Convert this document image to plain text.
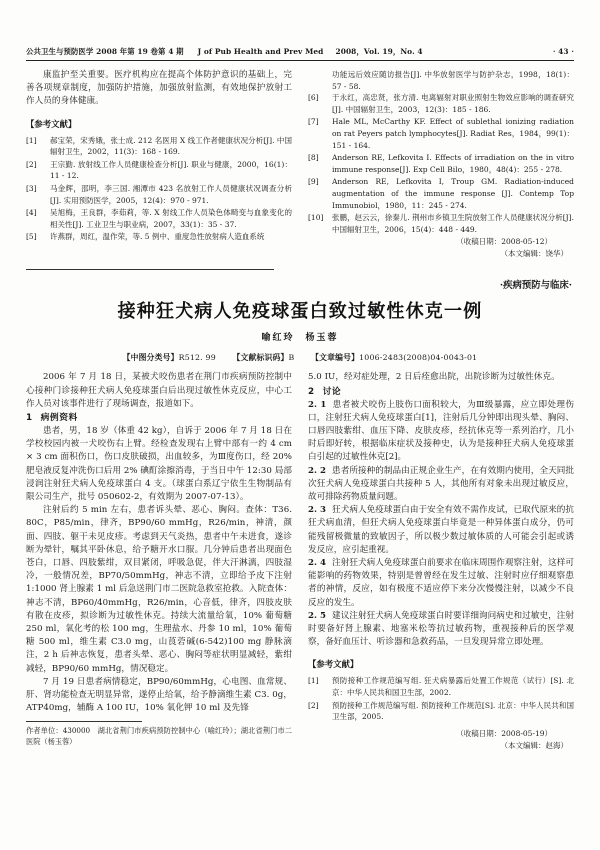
公共卫生与预防医学 2008 年第 19 卷第 4 期 J of Pub Health and Prev Med 2008，Vol. 19，No. 4	· 43 ·
康监护至关重要。医疗机构应在提高个体防护意识的基础上，完善各项规章制度，加强防护措施，加强放射监测，有效地保护放射工作人员的身体健康。
【参考文献】
[1]	郝宝荣，宋秀娥，张士成. 212 名医用 X 线工作者健康状况分析[J]. 中国辐射卫生，2002，11(3)：168 - 169.
[2]	王宗勤. 放射线工作人员健康检查分析[J]. 职业与健康，2000，16(1)：11 - 12.
[3]	马金辉，邵明，李三国. 湘潭市 423 名放射工作人员健康状况调查分析[J]. 实用预防医学，2005，12(4)：970 - 971.
[4]	吴旭梅，王良群，李茹莉，等. X 射线工作人员染色体畸变与血象变化的相关性[J]. 工业卫生与职业病，2007，33(1)：35 - 37.
[5]	许燕群，周红，温作荣，等. 5 例中、重度急性放射病人造血系统
功能远后效应随访报告[J]. 中华放射医学与防护杂志，1998，18(1)：57 - 58.
[6]	于永红，高忠贤，张方清. 电离辐射对职业照射生物效应影响的调查研究[J]. 中国辐射卫生，2003，12(3)：185 - 186.
[7]	Hale ML, McCarthy KF. Effect of sublethal ionizing radiation on rat Peyers patch lymphocytes[J]. Radiat Res，1984，99(1)：151 - 164.
[8]	Anderson RE, Lefkovita I. Effects of irradiation on the in vitro immune response[J]. Exp Cell Bilo，1980，48(4)：255 - 278.
[9]	Anderson RE, Lefkovita I, Troup GM. Radiation-induced augmentation of the immune response [J]. Contemp Top Immunobiol，1980，11：245 - 274.
[10]	张鹏，赵云云，徐秦儿. 荆州市乡镇卫生院放射工作人员健康状况分析[J]. 中国辐射卫生，2006，15(4)：448 - 449.
（收稿日期：2008-05-12）
（本文编辑：饶华）
·疾病预防与临床·
接种狂犬病人免疫球蛋白致过敏性休克一例
喻红玲　杨玉蓉
【中图分类号】R512. 99 【文献标识码】B 【文章编号】1006-2483(2008)04-0043-01
2006 年 7 月 18 日，某被犬咬伤患者在荆门市疾病预防控制中心接种门诊接种狂犬病人免疫球蛋白后出现过敏性休克反应，中心工作人员对该事件进行了现场调查，报道如下。
1 病例资料
患者，男，18 岁（体重 42 kg），自诉于 2006 年 7 月 18 日在学校校园内被一犬咬伤右上臂。经检查发现右上臂中部有一约 4 cm × 3 cm 面积伤口，伤口皮肤破损，出血较多，为Ⅲ度伤口，经 20% 肥皂液反复冲洗伤口后用 2% 碘酊涂擦消毒，于当日中午 12:30 局部浸润注射狂犬病人免疫球蛋白 4 支。（球蛋白系辽宁依生生物制品有限公司生产，批号 050602-2，有效期为 2007-07-13）。
注射后约 5 min 左右，患者诉头晕、恶心、胸闷。查体：T36. 80C，P85/min，律齐，BP90/60 mmHg，R26/min，神清，颜面、四肢、躯干未见皮疹。考虑到天气炎热，患者中午未进食，遂诊断为晕针，嘱其平卧休息，给予糖开水口服。几分钟后患者出现面色苍白，口唇、四肢紫绀，双目紧闭，呼吸急促，伴大汗淋漓，四肢湿冷，一般情况差，BP70/50mmHg，神志不清，立即给予皮下注射 1:1000 肾上腺素 1 ml 后急送荆门市二医院急救室抢救。入院查体：神志不清，BP60/40mmHg，R26/min，心音低，律齐，四肢皮肤有散在皮疹，拟诊断为过敏性休克。持续大流量给氧，10% 葡萄糖 250 ml，氧化考的松 100 mg，生理盐水、丹参 10 ml，10% 葡萄糖 500 ml，维生素 C3.0 mg，山莨菪碱(6-542)100 mg 静脉滴注，2 h 后神志恢复，患者头晕、恶心、胸闷等症状明显减轻，紫绀减轻，BP90/60 mmHg，情况稳定。
7 月 19 日患者病情稳定，BP90/60mmHg，心电图、血常规、肝、肾功能检查无明显异常，遂停止给氧，给予静滴维生素 C3. 0g，ATP40mg，辅酶 A 100 IU，10% 氧化钾 10 ml 及先锋
作者单位：430000　湖北省荆门市疾病预防控制中心（喻红玲）；湖北省荆门市二医院（杨玉蓉）
5.0 IU，经对症处理，2 日后痊愈出院，出院诊断为过敏性休克。
2 讨论
2. 1 患者被犬咬伤上肢伤口面积较大，为Ⅲ级暴露，应立即处理伤口，注射狂犬病人免疫球蛋白[1]，注射后几分钟即出现头晕、胸闷、口唇四肢紫绀、血压下降、皮肤皮疹，经抗休克等一系列治疗，几小时后即好转，根据临床症状及接种史，认为是接种狂犬病人免疫球蛋白引起的过敏性休克[2]。
2. 2 患者所接种的制品由正规企业生产，在有效期内使用，全天同批次狂犬病人免疫球蛋白共接种 5 人，其他所有对象未出现过敏反应，故可排除药物质量问题。
2. 3 狂犬病人免疫球蛋白由于安全有效不需作皮试，已取代原来的抗狂犬病血清，但狂犬病人免疫球蛋白毕竟是一种异体蛋白成分，仍可能残留极微量的致敏因子，所以极少数过敏体质的人可能会引起或诱发反应，应引起重视。
2. 4 注射狂犬病人免疫球蛋白前要求在临床周围作观察注射，这样可能影响的药物效果，特别是曾曾经在发生过敏、注射时应仔细观察患者的神情，反应，如有极度不适应停下来分次慢慢注射，以减少不良反应的发生。
2. 5 建议注射狂犬病人免疫球蛋白时要详细询问病史和过敏史，注射时要备好肾上腺素、地塞米松等抗过敏药物，重视接种后的医学观察，备好血压计、听诊器和急救药品，一旦发现异常立即处理。
【参考文献】
[1]	预防接种工作规范编写组. 狂犬病暴露后处置工作规范（试行）[S]. 北京：中华人民共和国卫生部，2002.
[2]	预防接种工作规范编写组. 预防接种工作规范[S]. 北京：中华人民共和国卫生部，2005.
（收稿日期：2008-05-19）
（本文编辑：赵海）
